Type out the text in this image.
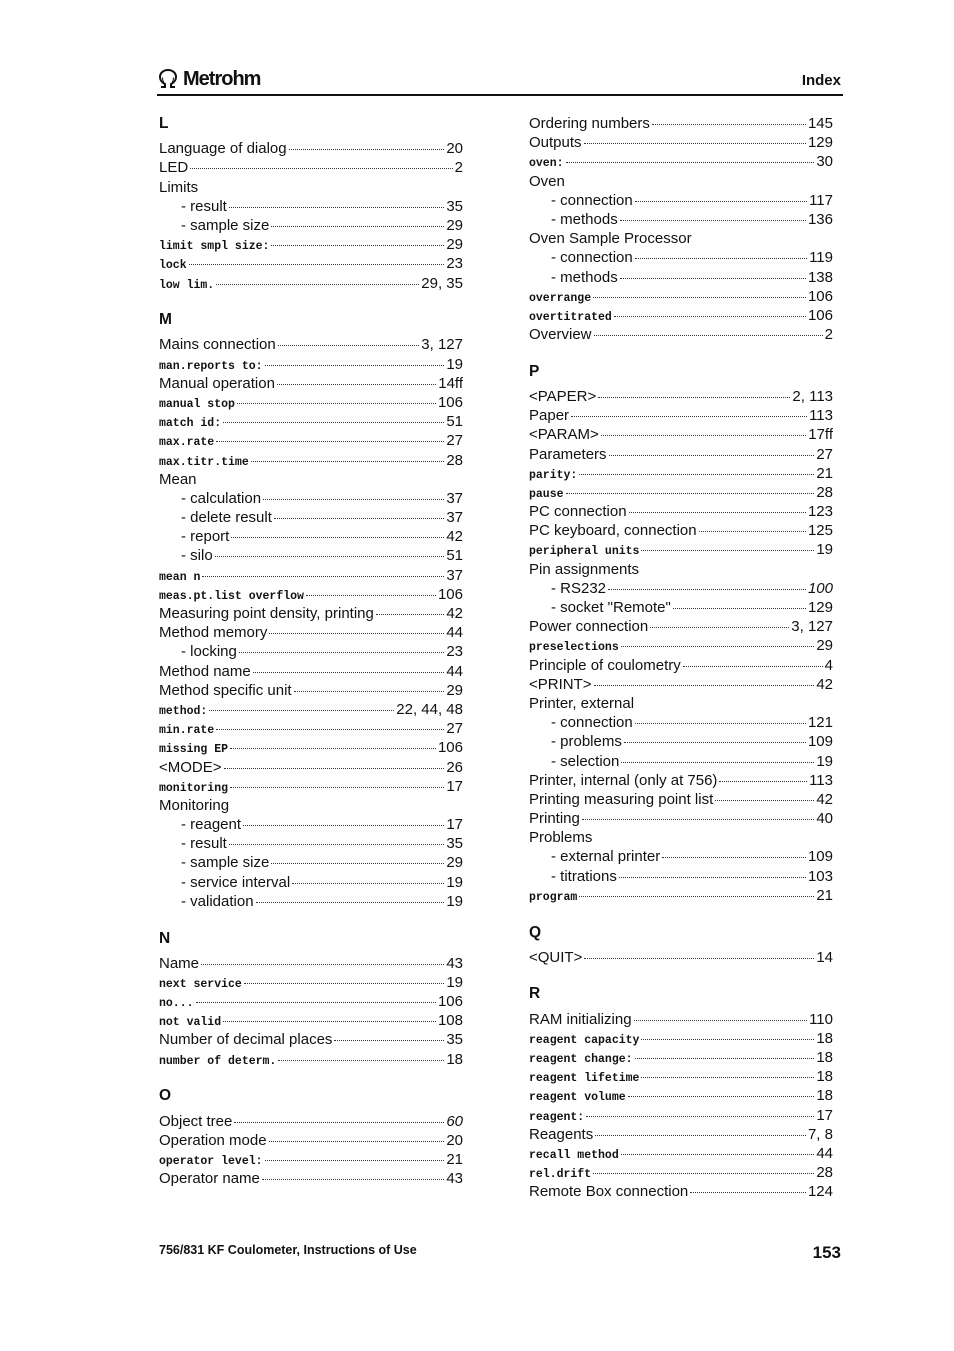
Metrohm	Index
L
Language of dialog	20
LED	2
Limits
- result	35
- sample size	29
limit smpl size:	29
lock	23
low lim.	29, 35
M
Mains connection	3, 127
man.reports to:	19
Manual operation	14ff
manual stop	106
match id:	51
max.rate	27
max.titr.time	28
Mean
- calculation	37
- delete result	37
- report	42
- silo	51
mean n	37
meas.pt.list overflow	106
Measuring point density, printing	42
Method memory	44
- locking	23
Method name	44
Method specific unit	29
method:	22, 44, 48
min.rate	27
missing EP	106
<MODE>	26
monitoring	17
Monitoring
- reagent	17
- result	35
- sample size	29
- service interval	19
- validation	19
N
Name	43
next service	19
no...	106
not valid	108
Number of decimal places	35
number of determ.	18
O
Object tree	60
Operation mode	20
operator level:	21
Operator name	43
Ordering numbers	145
Outputs	129
oven:	30
Oven
- connection	117
- methods	136
Oven Sample Processor
- connection	119
- methods	138
overrange	106
overtitrated	106
Overview	2
P
<PAPER>	2, 113
Paper	113
<PARAM>	17ff
Parameters	27
parity:	21
pause	28
PC connection	123
PC keyboard, connection	125
peripheral units	19
Pin assignments
- RS232	100
- socket "Remote"	129
Power connection	3, 127
preselections	29
Principle of coulometry	4
<PRINT>	42
Printer, external
- connection	121
- problems	109
- selection	19
Printer, internal (only at 756)	113
Printing measuring point list	42
Printing	40
Problems
- external printer	109
- titrations	103
program	21
Q
<QUIT>	14
R
RAM initializing	110
reagent capacity	18
reagent change:	18
reagent lifetime	18
reagent volume	18
reagent:	17
Reagents	7, 8
recall method	44
rel.drift	28
Remote Box connection	124
756/831 KF Coulometer, Instructions of Use	153
